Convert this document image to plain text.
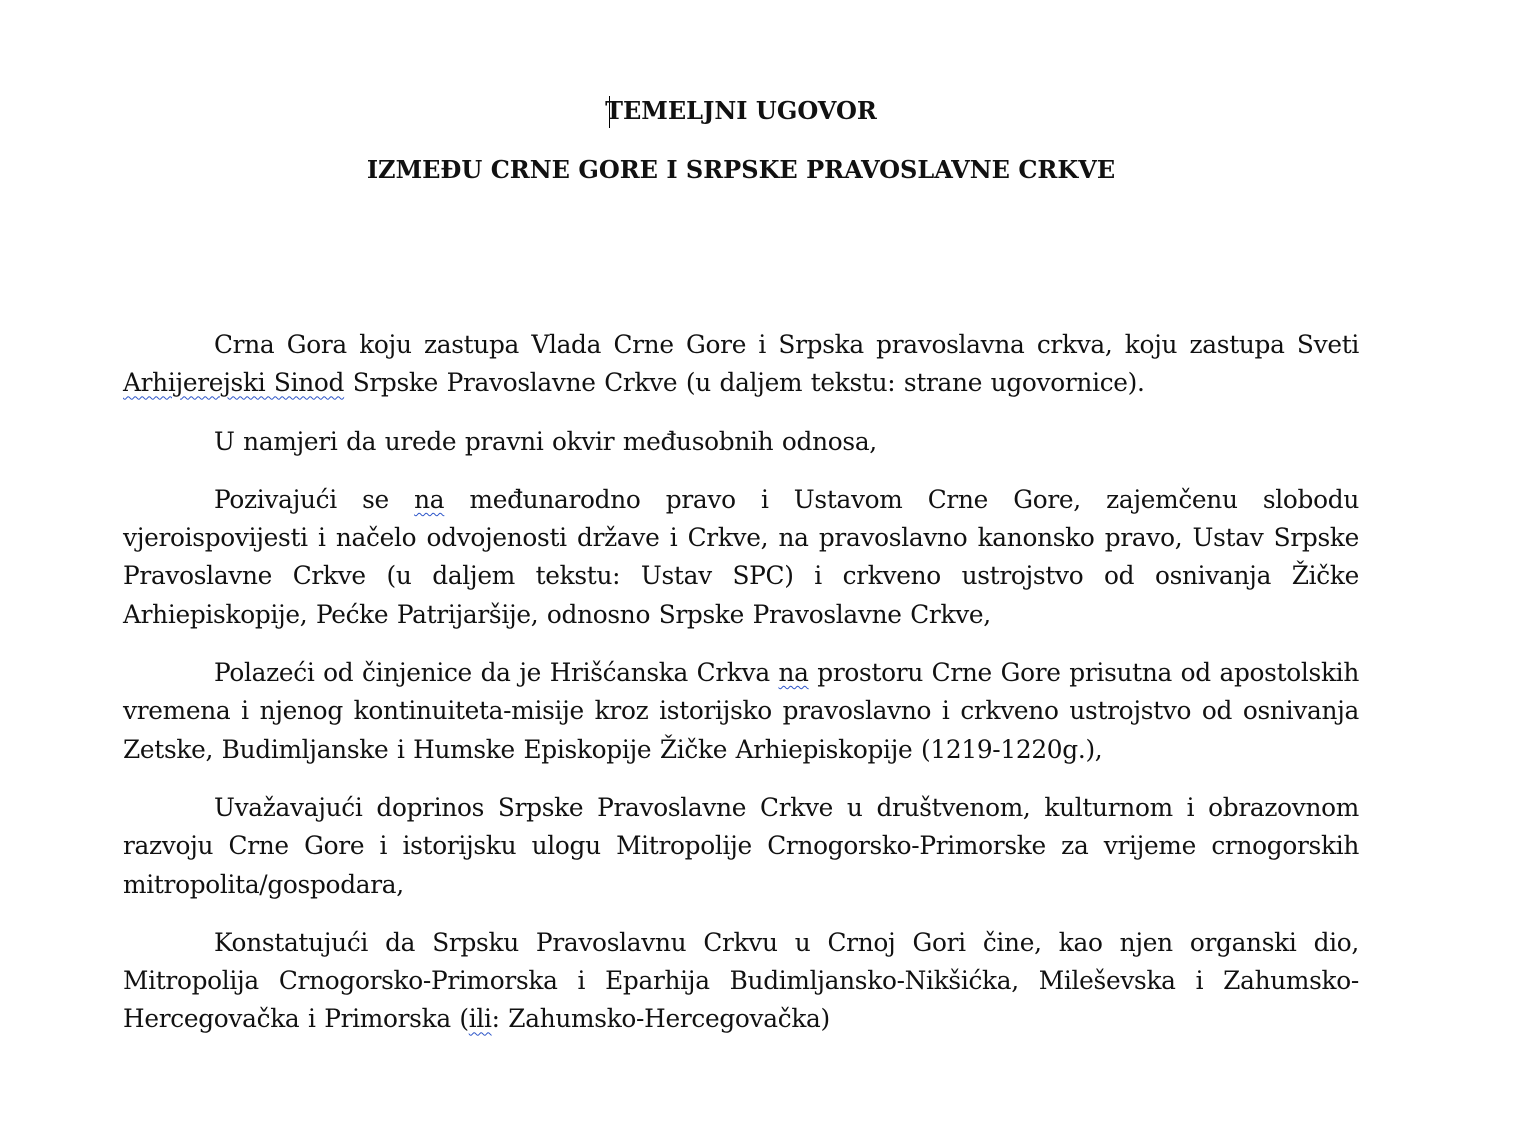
TEMELJNI UGOVOR
IZMEĐU CRNE GORE I SRPSKE PRAVOSLAVNE CRKVE

Crna Gora koju zastupa Vlada Crne Gore i Srpska pravoslavna crkva, koju zastupa Sveti Arhijerejski Sinod Srpske Pravoslavne Crkve (u daljem tekstu: strane ugovornice).

U namjeri da urede pravni okvir međusobnih odnosa,

Pozivajući se na međunarodno pravo i Ustavom Crne Gore, zajemčenu slobodu vjeroispovijesti i načelo odvojenosti države i Crkve, na pravoslavno kanonsko pravo, Ustav Srpske Pravoslavne Crkve (u daljem tekstu: Ustav SPC) i crkveno ustrojstvo od osnivanja Žičke Arhiepiskopije, Pećke Patrijaršije, odnosno Srpske Pravoslavne Crkve,

Polazeći od činjenice da je Hrišćanska Crkva na prostoru Crne Gore prisutna od apostolskih vremena i njenog kontinuiteta-misije kroz istorijsko pravoslavno i crkveno ustrojstvo od osnivanja Zetske, Budimljanske i Humske Episkopije Žičke Arhiepiskopije (1219-1220g.),

Uvažavajući doprinos Srpske Pravoslavne Crkve u društvenom, kulturnom i obrazovnom razvoju Crne Gore i istorijsku ulogu Mitropolije Crnogorsko-Primorske za vrijeme crnogorskih mitropolita/gospodara,

Konstatujući da Srpsku Pravoslavnu Crkvu u Crnoj Gori čine, kao njen organski dio, Mitropolija Crnogorsko-Primorska i Eparhija Budimljansko-Nikšićka, Mileševska i Zahumsko-Hercegovačka i Primorska (ili: Zahumsko-Hercegovačka)
